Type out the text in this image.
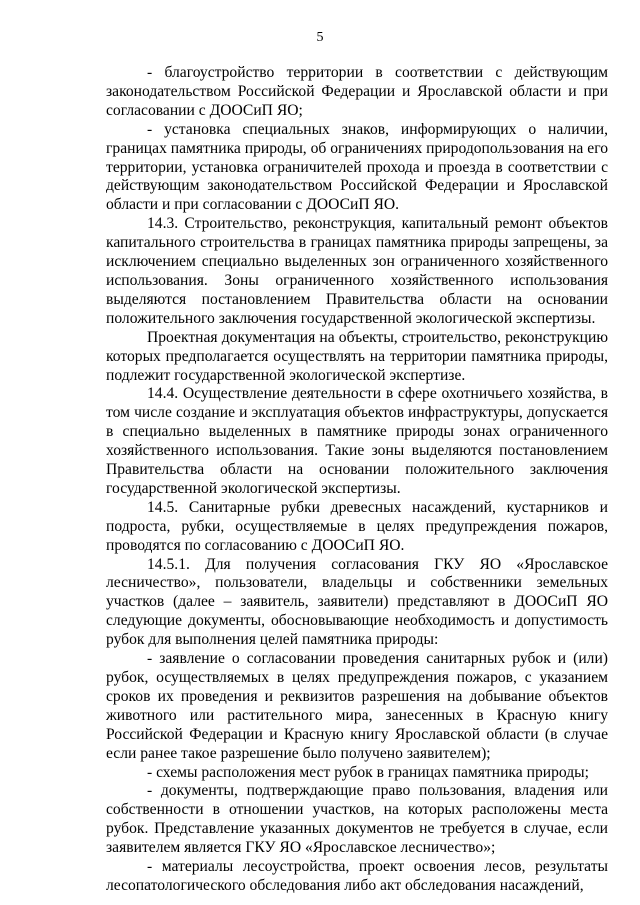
5

- благоустройство территории в соответствии с действующим законодательством Российской Федерации и Ярославской области и при согласовании с ДООСиП ЯО;

- установка специальных знаков, информирующих о наличии, границах памятника природы, об ограничениях природопользования на его территории, установка ограничителей прохода и проезда в соответствии с действующим законодательством Российской Федерации и Ярославской области и при согласовании с ДООСиП ЯО.

14.3. Строительство, реконструкция, капитальный ремонт объектов капитального строительства в границах памятника природы запрещены, за исключением специально выделенных зон ограниченного хозяйственного использования. Зоны ограниченного хозяйственного использования выделяются постановлением Правительства области на основании положительного заключения государственной экологической экспертизы.

Проектная документация на объекты, строительство, реконструкцию которых предполагается осуществлять на территории памятника природы, подлежит государственной экологической экспертизе.

14.4. Осуществление деятельности в сфере охотничьего хозяйства, в том числе создание и эксплуатация объектов инфраструктуры, допускается в специально выделенных в памятнике природы зонах ограниченного хозяйственного использования. Такие зоны выделяются постановлением Правительства области на основании положительного заключения государственной экологической экспертизы.

14.5. Санитарные рубки древесных насаждений, кустарников и подроста, рубки, осуществляемые в целях предупреждения пожаров, проводятся по согласованию с ДООСиП ЯО.

14.5.1. Для получения согласования ГКУ ЯО «Ярославское лесничество», пользователи, владельцы и собственники земельных участков (далее – заявитель, заявители) представляют в ДООСиП ЯО следующие документы, обосновывающие необходимость и допустимость рубок для выполнения целей памятника природы:

- заявление о согласовании проведения санитарных рубок и (или) рубок, осуществляемых в целях предупреждения пожаров, с указанием сроков их проведения и реквизитов разрешения на добывание объектов животного или растительного мира, занесенных в Красную книгу Российской Федерации и Красную книгу Ярославской области (в случае если ранее такое разрешение было получено заявителем);

- схемы расположения мест рубок в границах памятника природы;

- документы, подтверждающие право пользования, владения или собственности в отношении участков, на которых расположены места рубок. Представление указанных документов не требуется в случае, если заявителем является ГКУ ЯО «Ярославское лесничество»;

- материалы лесоустройства, проект освоения лесов, результаты лесопатологического обследования либо акт обследования насаждений,
